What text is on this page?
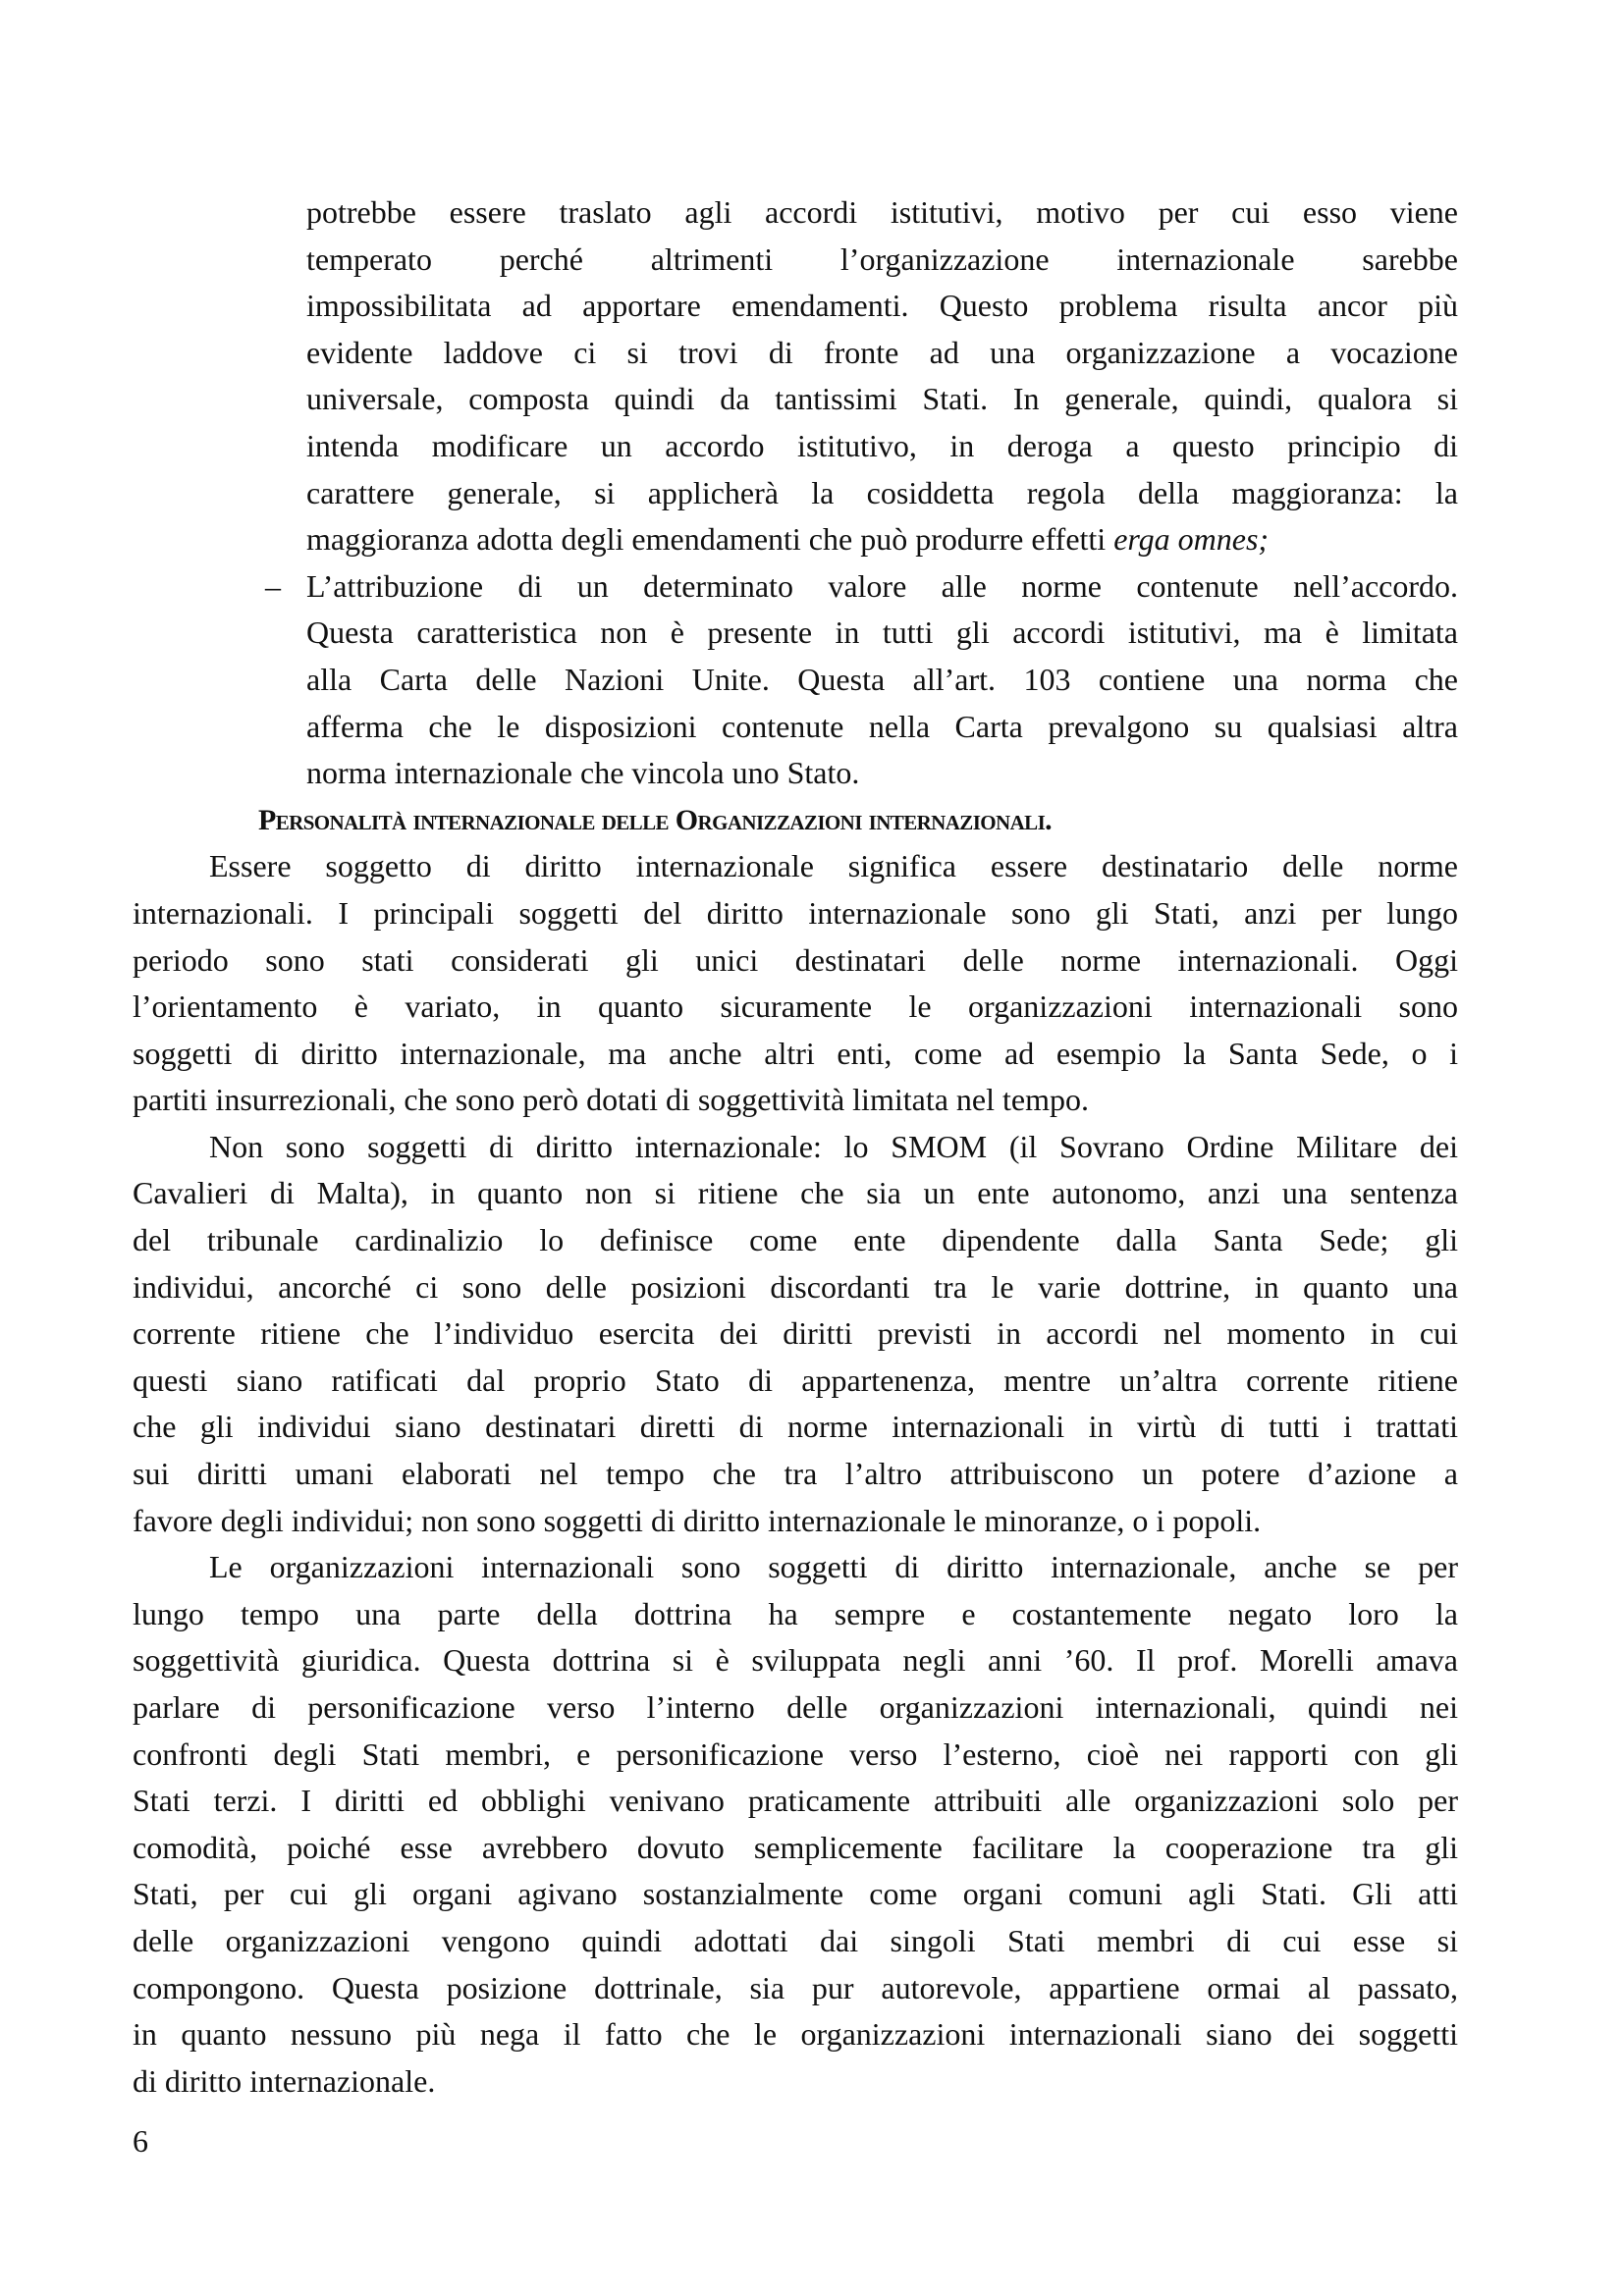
potrebbe essere traslato agli accordi istitutivi, motivo per cui esso viene
temperato perché altrimenti l’organizzazione internazionale sarebbe
impossibilitata ad apportare emendamenti. Questo problema risulta ancor più
evidente laddove ci si trovi di fronte ad una organizzazione a vocazione
universale, composta quindi da tantissimi Stati. In generale, quindi, qualora si
intenda modificare un accordo istitutivo, in deroga a questo principio di
carattere generale, si applicherà la cosiddetta regola della maggioranza: la
maggioranza adotta degli emendamenti che può produrre effetti erga omnes;
– L’attribuzione di un determinato valore alle norme contenute nell’accordo.
Questa caratteristica non è presente in tutti gli accordi istitutivi, ma è limitata
alla Carta delle Nazioni Unite. Questa all’art. 103 contiene una norma che
afferma che le disposizioni contenute nella Carta prevalgono su qualsiasi altra
norma internazionale che vincola uno Stato.
Personalità internazionale delle Organizzazioni internazionali.
Essere soggetto di diritto internazionale significa essere destinatario delle norme
internazionali. I principali soggetti del diritto internazionale sono gli Stati, anzi per lungo
periodo sono stati considerati gli unici destinatari delle norme internazionali. Oggi
l’orientamento è variato, in quanto sicuramente le organizzazioni internazionali sono
soggetti di diritto internazionale, ma anche altri enti, come ad esempio la Santa Sede, o i
partiti insurrezionali, che sono però dotati di soggettività limitata nel tempo.
Non sono soggetti di diritto internazionale: lo SMOM (il Sovrano Ordine Militare dei
Cavalieri di Malta), in quanto non si ritiene che sia un ente autonomo, anzi una sentenza
del tribunale cardinalizio lo definisce come ente dipendente dalla Santa Sede; gli
individui, ancorché ci sono delle posizioni discordanti tra le varie dottrine, in quanto una
corrente ritiene che l’individuo esercita dei diritti previsti in accordi nel momento in cui
questi siano ratificati dal proprio Stato di appartenenza, mentre un’altra corrente ritiene
che gli individui siano destinatari diretti di norme internazionali in virtù di tutti i trattati
sui diritti umani elaborati nel tempo che tra l’altro attribuiscono un potere d’azione a
favore degli individui; non sono soggetti di diritto internazionale le minoranze, o i popoli.
Le organizzazioni internazionali sono soggetti di diritto internazionale, anche se per
lungo tempo una parte della dottrina ha sempre e costantemente negato loro la
soggettività giuridica. Questa dottrina si è sviluppata negli anni ’60. Il prof. Morelli amava
parlare di personificazione verso l’interno delle organizzazioni internazionali, quindi nei
confronti degli Stati membri, e personificazione verso l’esterno, cioè nei rapporti con gli
Stati terzi. I diritti ed obblighi venivano praticamente attribuiti alle organizzazioni solo per
comodità, poiché esse avrebbero dovuto semplicemente facilitare la cooperazione tra gli
Stati, per cui gli organi agivano sostanzialmente come organi comuni agli Stati. Gli atti
delle organizzazioni vengono quindi adottati dai singoli Stati membri di cui esse si
compongono. Questa posizione dottrinale, sia pur autorevole, appartiene ormai al passato,
in quanto nessuno più nega il fatto che le organizzazioni internazionali siano dei soggetti
di diritto internazionale.
6
